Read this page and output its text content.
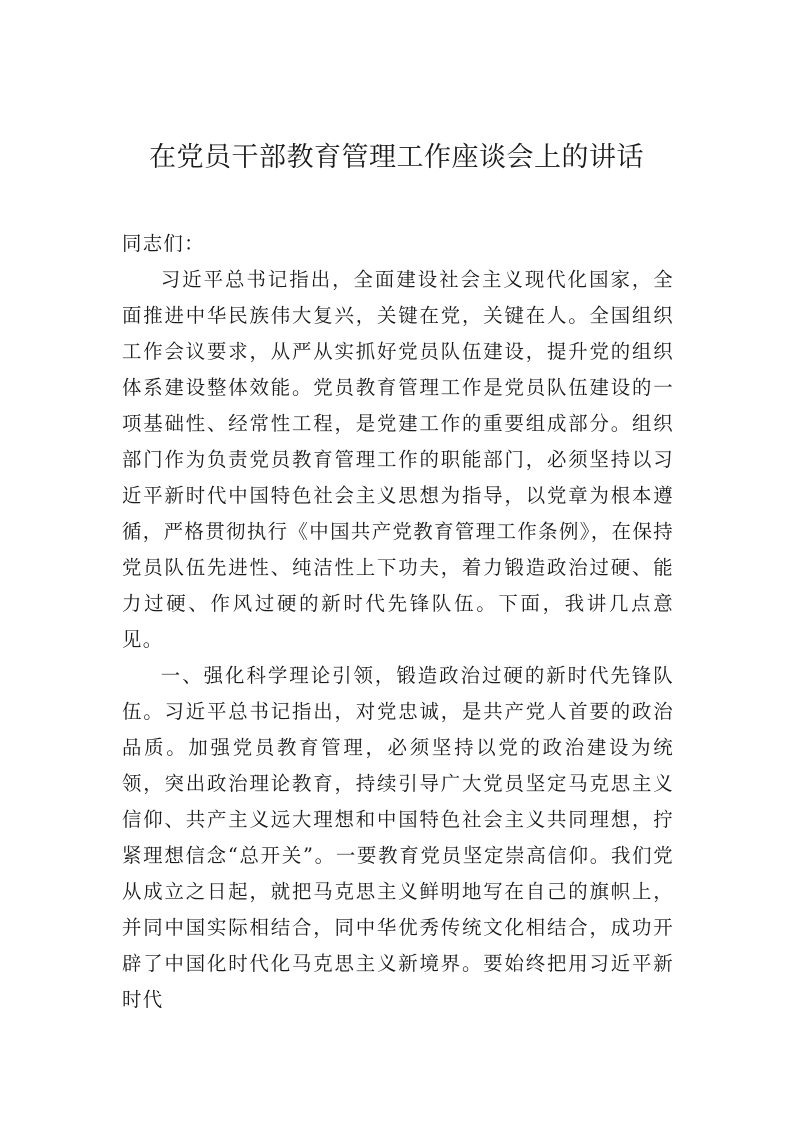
在党员干部教育管理工作座谈会上的讲话

同志们：

习近平总书记指出，全面建设社会主义现代化国家，全面推进中华民族伟大复兴，关键在党，关键在人。全国组织工作会议要求，从严从实抓好党员队伍建设，提升党的组织体系建设整体效能。党员教育管理工作是党员队伍建设的一项基础性、经常性工程，是党建工作的重要组成部分。组织部门作为负责党员教育管理工作的职能部门，必须坚持以习近平新时代中国特色社会主义思想为指导，以党章为根本遵循，严格贯彻执行《中国共产党教育管理工作条例》，在保持党员队伍先进性、纯洁性上下功夫，着力锻造政治过硬、能力过硬、作风过硬的新时代先锋队伍。下面，我讲几点意见。

一、强化科学理论引领，锻造政治过硬的新时代先锋队伍。习近平总书记指出，对党忠诚，是共产党人首要的政治品质。加强党员教育管理，必须坚持以党的政治建设为统领，突出政治理论教育，持续引导广大党员坚定马克思主义信仰、共产主义远大理想和中国特色社会主义共同理想，拧紧理想信念“总开关”。一要教育党员坚定崇高信仰。我们党从成立之日起，就把马克思主义鲜明地写在自己的旗帜上，并同中国实际相结合，同中华优秀传统文化相结合，成功开辟了中国化时代化马克思主义新境界。要始终把用习近平新时代
